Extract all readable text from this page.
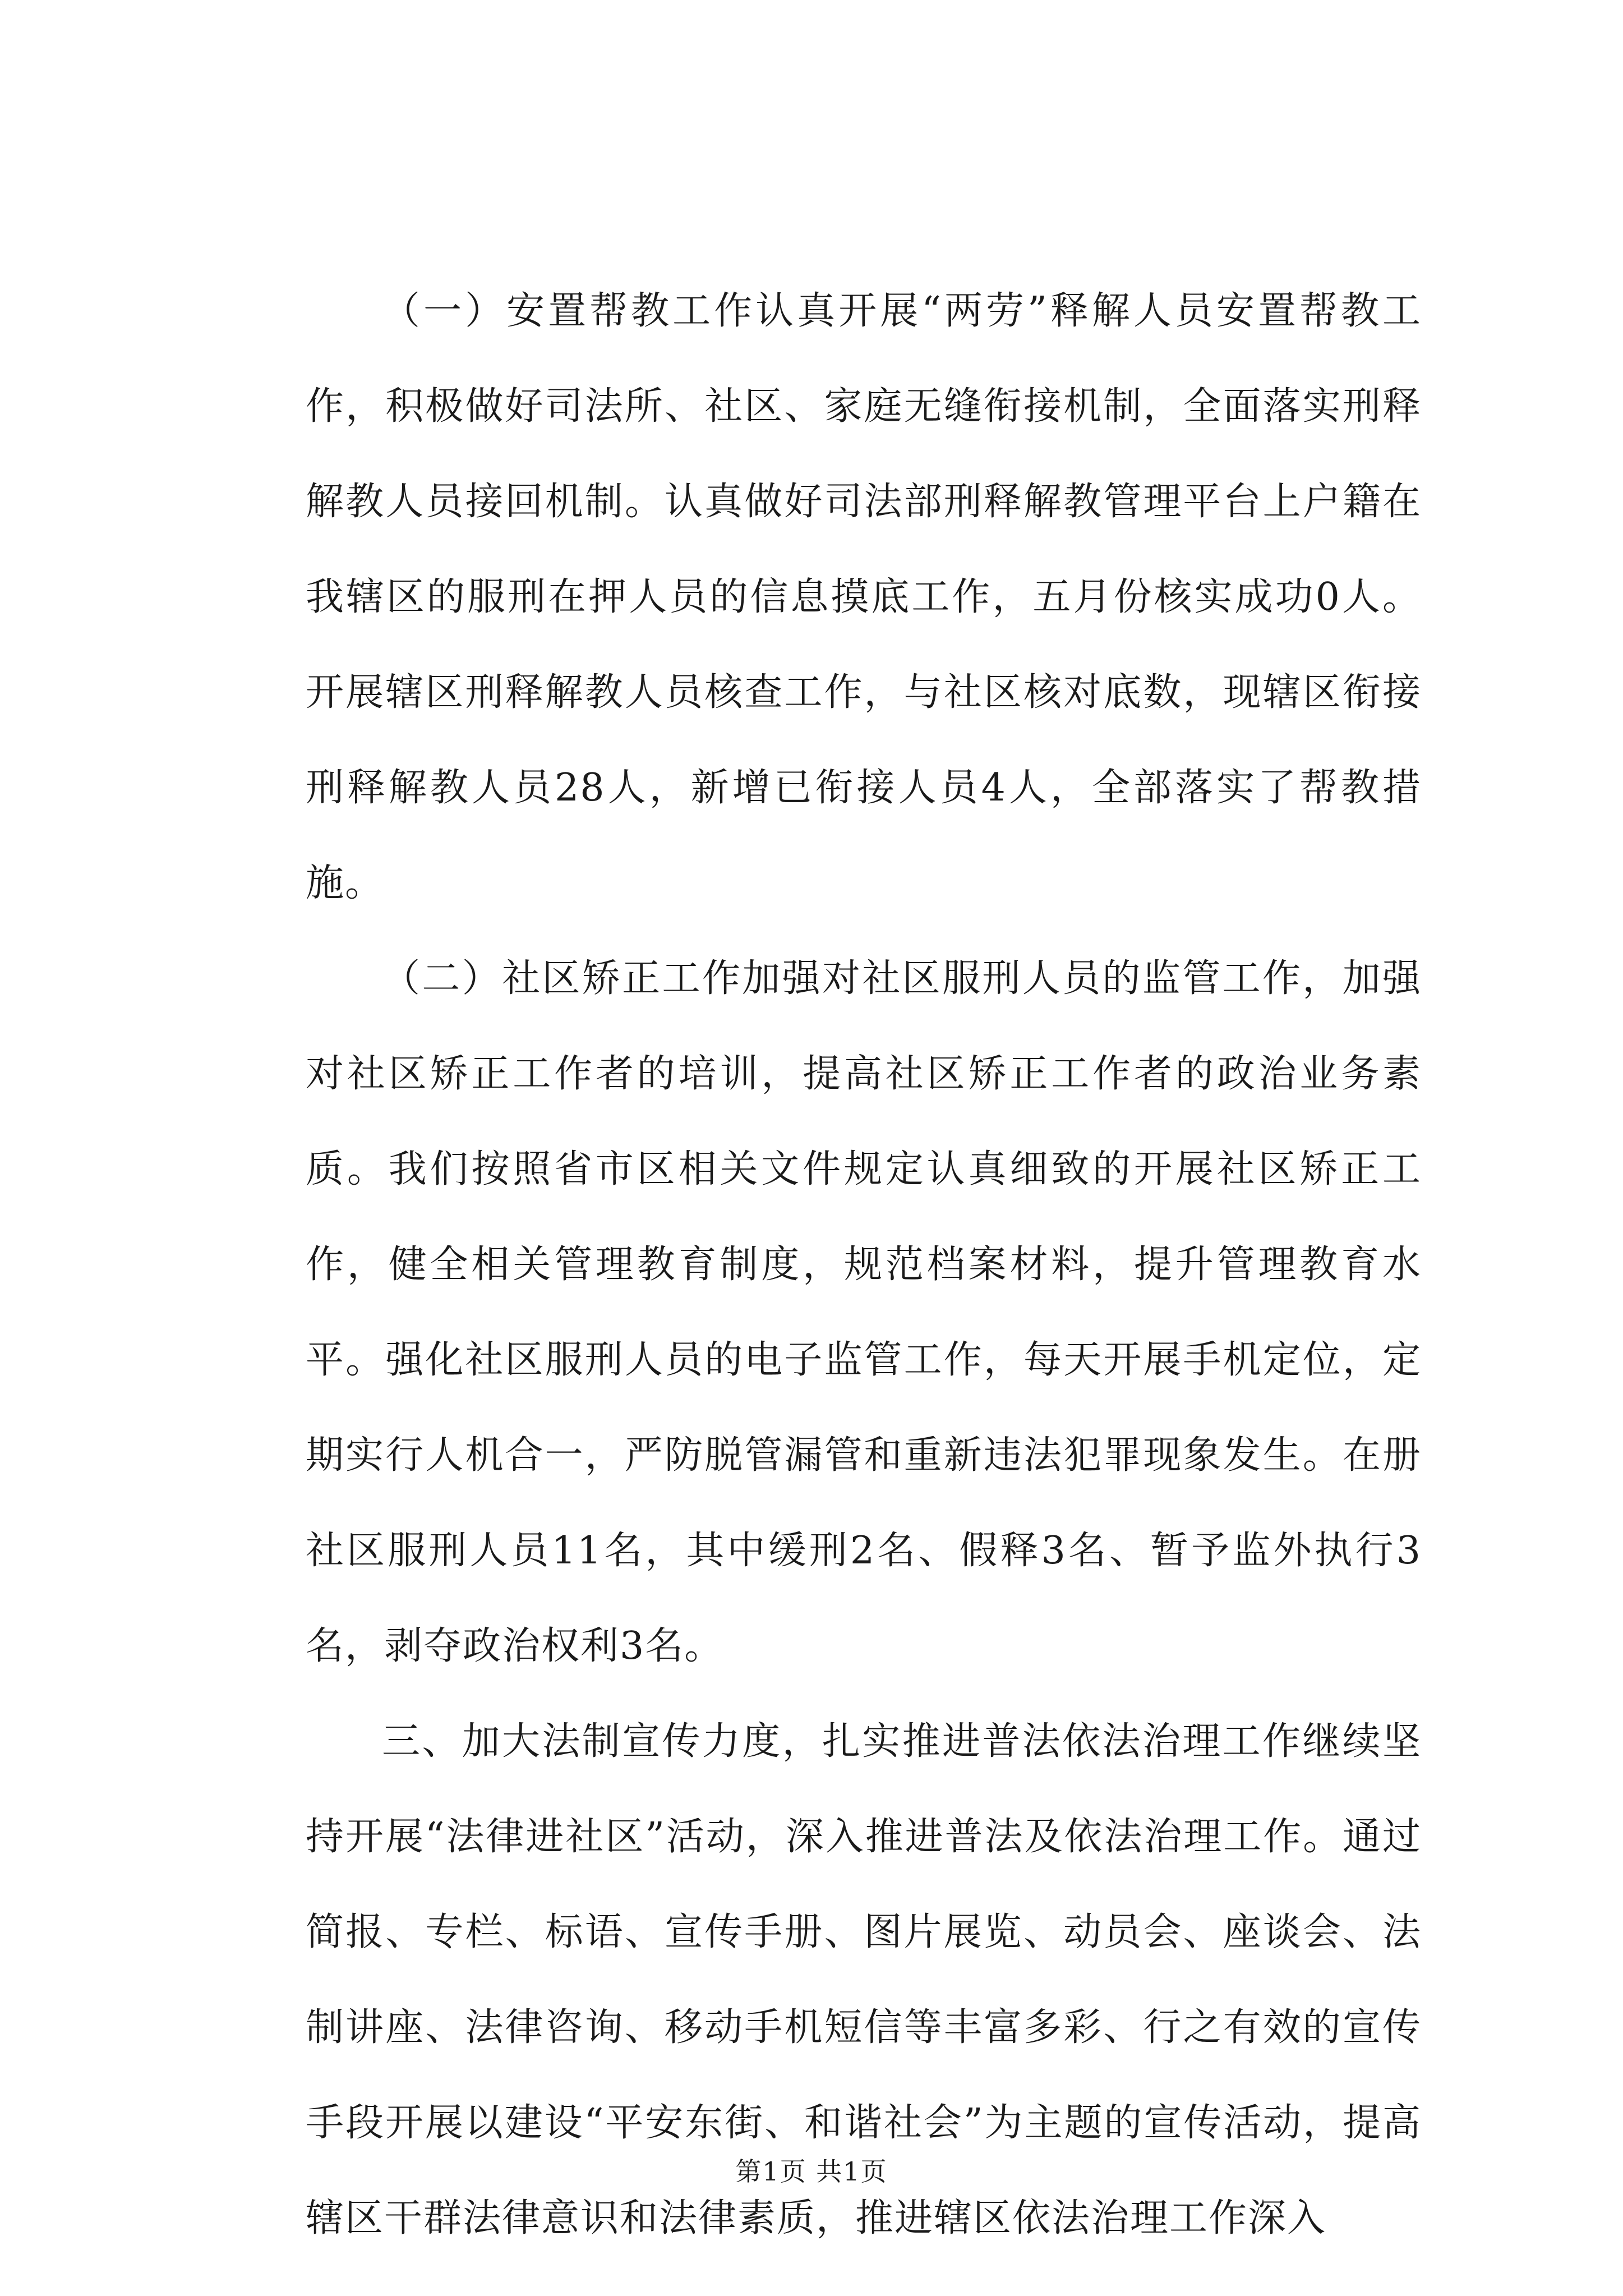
（一）安置帮教工作认真开展“两劳”释解人员安置帮教工作，积极做好司法所、社区、家庭无缝衔接机制，全面落实刑释解教人员接回机制。认真做好司法部刑释解教管理平台上户籍在我辖区的服刑在押人员的信息摸底工作，五月份核实成功0人。开展辖区刑释解教人员核查工作，与社区核对底数，现辖区衔接刑释解教人员28人，新增已衔接人员4人，全部落实了帮教措施。

（二）社区矫正工作加强对社区服刑人员的监管工作，加强对社区矫正工作者的培训，提高社区矫正工作者的政治业务素质。我们按照省市区相关文件规定认真细致的开展社区矫正工作，健全相关管理教育制度，规范档案材料，提升管理教育水平。强化社区服刑人员的电子监管工作，每天开展手机定位，定期实行人机合一，严防脱管漏管和重新违法犯罪现象发生。在册社区服刑人员11名，其中缓刑2名、假释3名、暂予监外执行3名，剥夺政治权利3名。

三、加大法制宣传力度，扎实推进普法依法治理工作继续坚持开展“法律进社区”活动，深入推进普法及依法治理工作。通过简报、专栏、标语、宣传手册、图片展览、动员会、座谈会、法制讲座、法律咨询、移动手机短信等丰富多彩、行之有效的宣传手段开展以建设“平安东街、和谐社会”为主题的宣传活动，提高辖区干群法律意识和法律素质，推进辖区依法治理工作深入

第1页 共1页
